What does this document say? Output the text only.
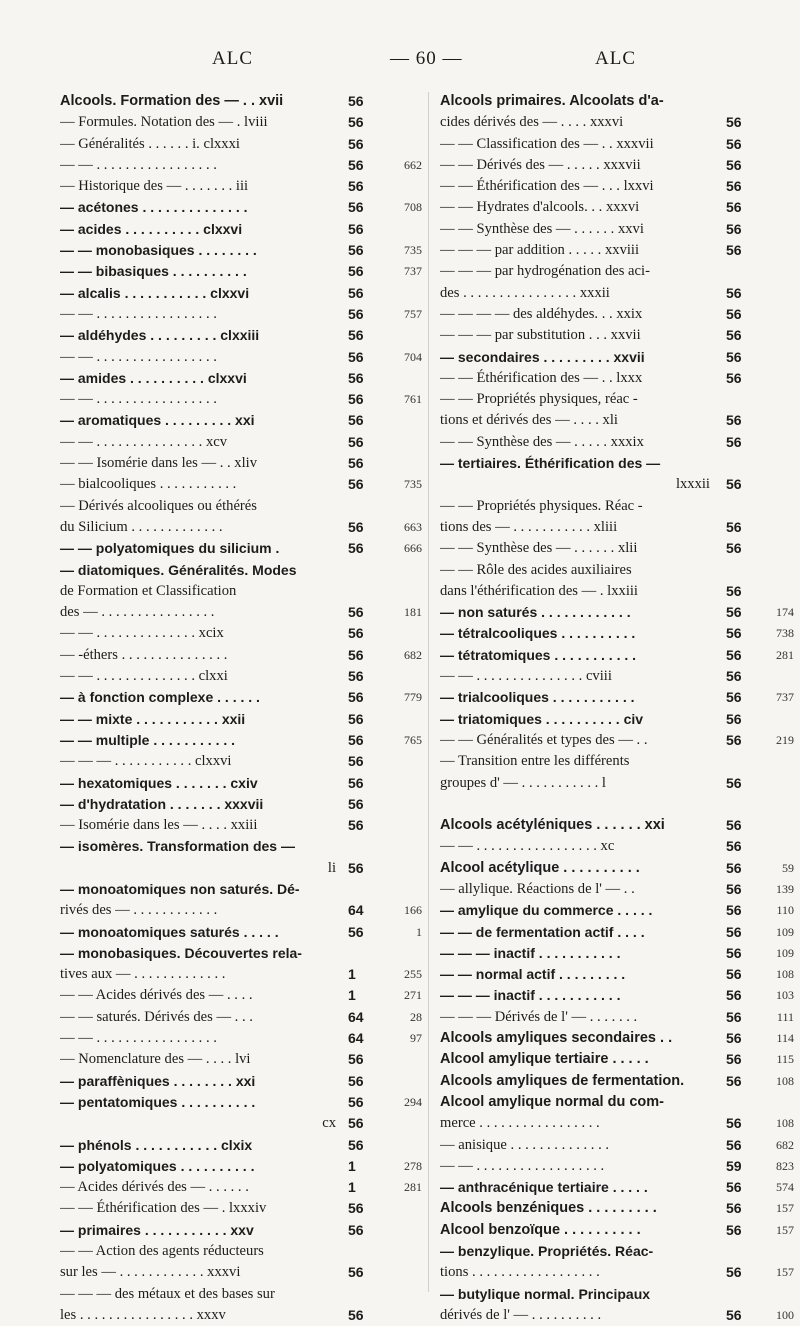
ALC	— 60 —	ALC
Alcools. Formation des — . . xvii	56
— Formules. Notation des — . lviii	56
— Généralités . . . . . . i. clxxxi	56
— — . . . . . . . . . . . . . . . . .	56	662
— Historique des — . . . . . . . iii	56
— acétones . . . . . . . . . . . . . .	56	708
— acides . . . . . . . . . . clxxvi	56
— — monobasiques . . . . . . . .	56	735
— — bibasiques . . . . . . . . . .	56	737
— alcalis . . . . . . . . . . . clxxvi	56
— — . . . . . . . . . . . . . . . . .	56	757
— aldéhydes . . . . . . . . . clxxiii	56
— — . . . . . . . . . . . . . . . . .	56	704
— amides . . . . . . . . . . clxxvi	56
— — . . . . . . . . . . . . . . . . .	56	761
— aromatiques . . . . . . . . . xxi	56
— — . . . . . . . . . . . . . . . xcv	56
— — Isomérie dans les — . . xliv	56
— bialcooliques . . . . . . . . . . .	56	735
— Dérivés alcooliques ou éthérés
du Silicium . . . . . . . . . . . . .	56	663
— — polyatomiques du silicium .	56	666
— diatomiques. Généralités. Modes
de Formation et Classification
des — . . . . . . . . . . . . . . . .	56	181
— — . . . . . . . . . . . . . . xcix	56
— -éthers . . . . . . . . . . . . . . .	56	682
— — . . . . . . . . . . . . . . clxxi	56
— à fonction complexe . . . . . .	56	779
— — mixte . . . . . . . . . . . xxii	56
— — multiple . . . . . . . . . . .	56	765
— — — . . . . . . . . . . . clxxvi	56
— hexatomiques . . . . . . . cxiv	56
— d'hydratation . . . . . . . xxxvii	56
— Isomérie dans les — . . . . xxiii	56
— isomères. Transformation des —
li 56
— monoatomiques non saturés. Dé-
rivés des — . . . . . . . . . . . .	64	166
— monoatomiques saturés . . . . .	56	1
— monobasiques. Découvertes rela-
tives aux — . . . . . . . . . . . . .	1	255
— — Acides dérivés des — . . . .	1	271
— — saturés. Dérivés des — . . .	64	28
— — . . . . . . . . . . . . . . . . .	64	97
— Nomenclature des — . . . . lvi	56
— paraffèniques . . . . . . . . xxi	56
— pentatomiques . . . . . . . . . .	56	294
cx 56
— phénols . . . . . . . . . . . clxix	56
— polyatomiques . . . . . . . . . .	1	278
— Acides dérivés des — . . . . . .	1	281
— — Éthérification des — . lxxxiv	56
— primaires . . . . . . . . . . . xxv	56
— — Action des agents réducteurs
sur les — . . . . . . . . . . . . xxxvi	56
— — — des métaux et des bases sur
les . . . . . . . . . . . . . . . . xxxv	56
Alcools primaires. Alcoolats d'a-
cides dérivés des — . . . . xxxvi	56
— — Classification des — . . xxxvii	56
— — Dérivés des — . . . . . xxxvii	56
— — Éthérification des — . . . lxxvi	56
— — Hydrates d'alcools. . . xxxvi	56
— — Synthèse des — . . . . . . xxvi	56
— — — par addition . . . . . xxviii	56
— — — par hydrogénation des aci-
des . . . . . . . . . . . . . . . . xxxii	56
— — — — des aldéhydes. . . xxix	56
— — — par substitution . . . xxvii	56
— secondaires . . . . . . . . . xxvii	56
— — Éthérification des — . . lxxx	56
— — Propriétés physiques, réac -
tions et dérivés des — . . . . xli	56
— — Synthèse des — . . . . . xxxix	56
— tertiaires. Éthérification des —
lxxxii 56
— — Propriétés physiques. Réac -
tions des — . . . . . . . . . . . xliii	56
— — Synthèse des — . . . . . . xlii	56
— — Rôle des acides auxiliaires
dans l'éthérification des — . lxxiii	56
— non saturés . . . . . . . . . . . .	56	174
— tétralcooliques . . . . . . . . . .	56	738
— tétratomiques . . . . . . . . . . .	56	281
— — . . . . . . . . . . . . . . . cviii	56
— trialcooliques . . . . . . . . . . .	56	737
— triatomiques . . . . . . . . . . civ	56
— — Généralités et types des — . .	56	219
— Transition entre les différents
groupes d' — . . . . . . . . . . . l	56
Alcools acétyléniques . . . . . . xxi	56
— — . . . . . . . . . . . . . . . . . xc	56
Alcool acétylique . . . . . . . . . .	56	59
— allylique. Réactions de l' — . .	56	139
— amylique du commerce . . . . .	56	110
— — de fermentation actif . . . .	56	109
— — — inactif . . . . . . . . . . .	56	109
— — normal actif . . . . . . . . .	56	108
— — — inactif . . . . . . . . . . .	56	103
— — — Dérivés de l' — . . . . . . .	56	111
Alcools amyliques secondaires . .	56	114
Alcool amylique tertiaire . . . . .	56	115
Alcools amyliques de fermentation.	56	108
Alcool amylique normal du com-
merce . . . . . . . . . . . . . . . . .	56	108
— anisique . . . . . . . . . . . . . .	56	682
— — . . . . . . . . . . . . . . . . . .	59	823
— anthracénique tertiaire . . . . .	56	574
Alcools benzéniques . . . . . . . . .	56	157
Alcool benzoïque . . . . . . . . . .	56	157
— benzylique. Propriétés. Réac-
tions . . . . . . . . . . . . . . . . . .	56	157
— butylique normal. Principaux
dérivés de l' — . . . . . . . . . .	56	100
